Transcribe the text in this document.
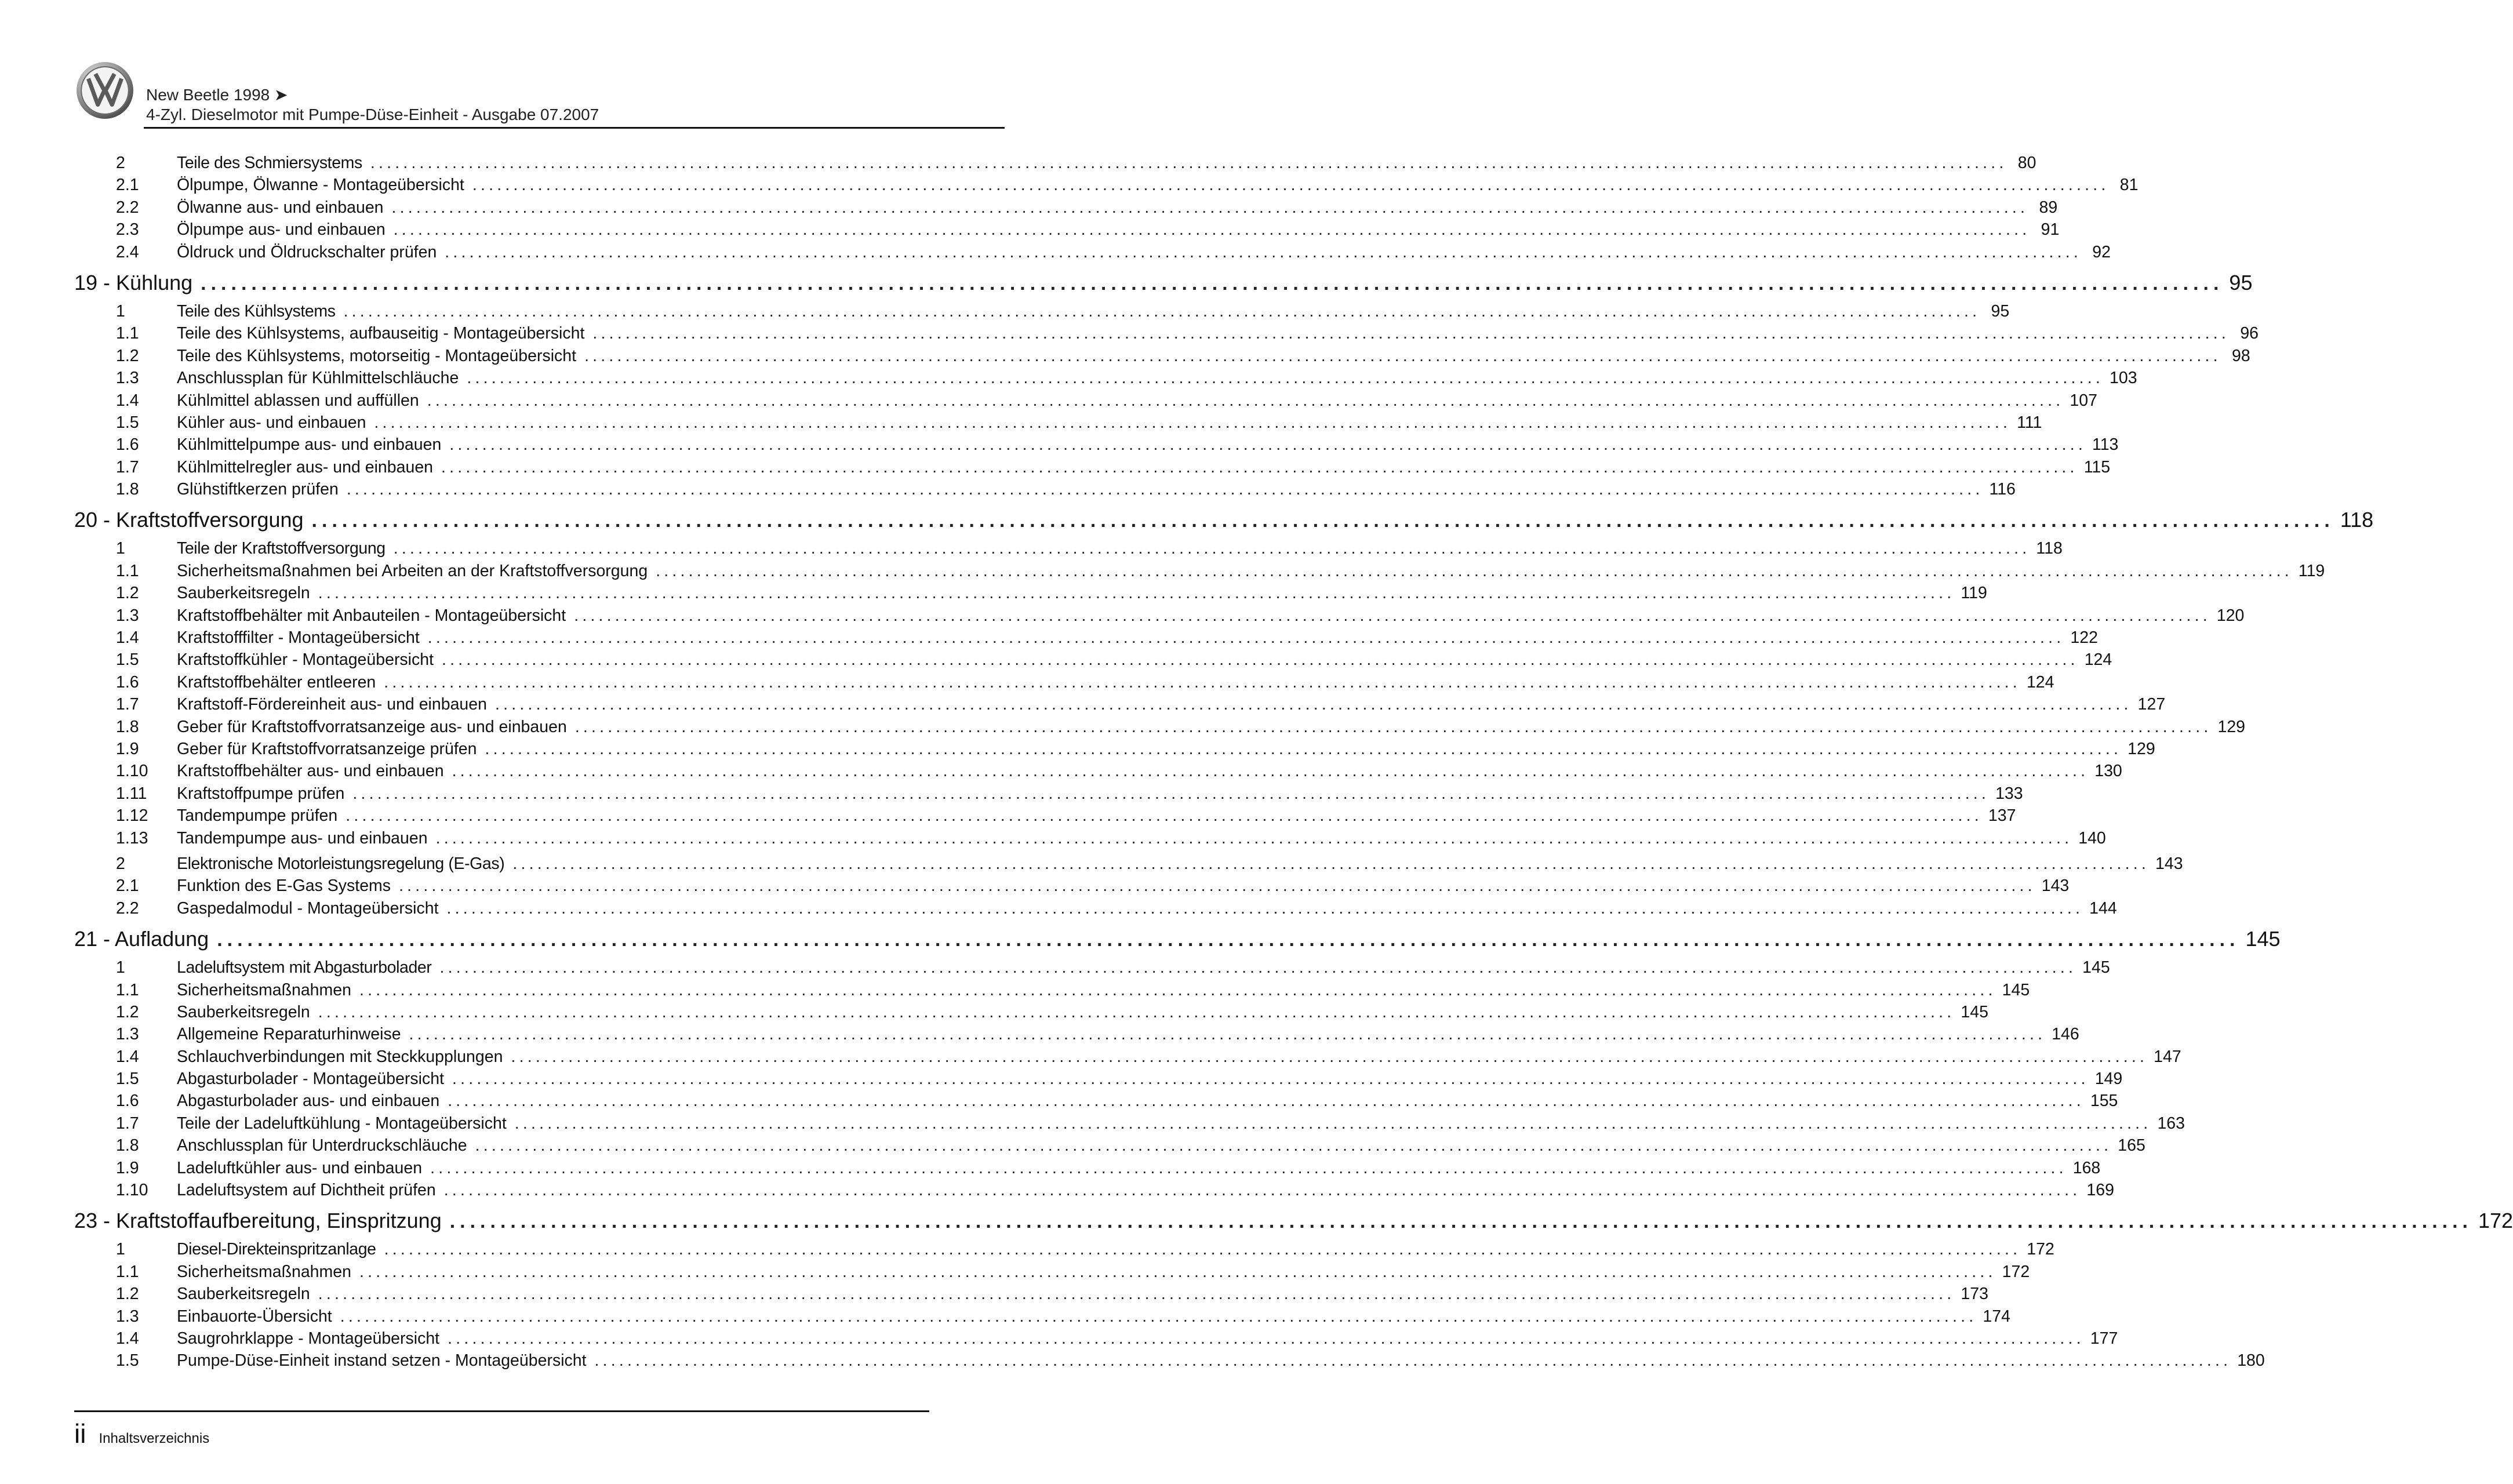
New Beetle 1998 ➤
4-Zyl. Dieselmotor mit Pumpe-Düse-Einheit - Ausgabe 07.2007
2	Teile des Schmiersystems ........................................................................................................................................................................................................ 80
2.1	Ölpumpe, Ölwanne - Montageübersicht ........................................................................................................................................................................................................ 81
2.2	Ölwanne aus- und einbauen ........................................................................................................................................................................................................ 89
2.3	Ölpumpe aus- und einbauen ........................................................................................................................................................................................................ 91
2.4	Öldruck und Öldruckschalter prüfen ........................................................................................................................................................................................................ 92
19 - Kühlung ........................................................................................................................................................................................................ 95
1	Teile des Kühlsystems ........................................................................................................................................................................................................ 95
1.1	Teile des Kühlsystems, aufbauseitig - Montageübersicht ........................................................................................................................................................................................................ 96
1.2	Teile des Kühlsystems, motorseitig - Montageübersicht ........................................................................................................................................................................................................ 98
1.3	Anschlussplan für Kühlmittelschläuche ........................................................................................................................................................................................................ 103
1.4	Kühlmittel ablassen und auffüllen ........................................................................................................................................................................................................ 107
1.5	Kühler aus- und einbauen ........................................................................................................................................................................................................ 111
1.6	Kühlmittelpumpe aus- und einbauen ........................................................................................................................................................................................................ 113
1.7	Kühlmittelregler aus- und einbauen ........................................................................................................................................................................................................ 115
1.8	Glühstiftkerzen prüfen ........................................................................................................................................................................................................ 116
20 - Kraftstoffversorgung ........................................................................................................................................................................................................ 118
1	Teile der Kraftstoffversorgung ........................................................................................................................................................................................................ 118
1.1	Sicherheitsmaßnahmen bei Arbeiten an der Kraftstoffversorgung ........................................................................................................................................................................................................ 119
1.2	Sauberkeitsregeln ........................................................................................................................................................................................................ 119
1.3	Kraftstoffbehälter mit Anbauteilen - Montageübersicht ........................................................................................................................................................................................................ 120
1.4	Kraftstofffilter - Montageübersicht ........................................................................................................................................................................................................ 122
1.5	Kraftstoffkühler - Montageübersicht ........................................................................................................................................................................................................ 124
1.6	Kraftstoffbehälter entleeren ........................................................................................................................................................................................................ 124
1.7	Kraftstoff-Fördereinheit aus- und einbauen ........................................................................................................................................................................................................ 127
1.8	Geber für Kraftstoffvorratsanzeige aus- und einbauen ........................................................................................................................................................................................................ 129
1.9	Geber für Kraftstoffvorratsanzeige prüfen ........................................................................................................................................................................................................ 129
1.10	Kraftstoffbehälter aus- und einbauen ........................................................................................................................................................................................................ 130
1.11	Kraftstoffpumpe prüfen ........................................................................................................................................................................................................ 133
1.12	Tandempumpe prüfen ........................................................................................................................................................................................................ 137
1.13	Tandempumpe aus- und einbauen ........................................................................................................................................................................................................ 140
2	Elektronische Motorleistungsregelung (E-Gas) ........................................................................................................................................................................................................ 143
2.1	Funktion des E-Gas Systems ........................................................................................................................................................................................................ 143
2.2	Gaspedalmodul - Montageübersicht ........................................................................................................................................................................................................ 144
21 - Aufladung ........................................................................................................................................................................................................ 145
1	Ladeluftsystem mit Abgasturbolader ........................................................................................................................................................................................................ 145
1.1	Sicherheitsmaßnahmen ........................................................................................................................................................................................................ 145
1.2	Sauberkeitsregeln ........................................................................................................................................................................................................ 145
1.3	Allgemeine Reparaturhinweise ........................................................................................................................................................................................................ 146
1.4	Schlauchverbindungen mit Steckkupplungen ........................................................................................................................................................................................................ 147
1.5	Abgasturbolader - Montageübersicht ........................................................................................................................................................................................................ 149
1.6	Abgasturbolader aus- und einbauen ........................................................................................................................................................................................................ 155
1.7	Teile der Ladeluftkühlung - Montageübersicht ........................................................................................................................................................................................................ 163
1.8	Anschlussplan für Unterdruckschläuche ........................................................................................................................................................................................................ 165
1.9	Ladeluftkühler aus- und einbauen ........................................................................................................................................................................................................ 168
1.10	Ladeluftsystem auf Dichtheit prüfen ........................................................................................................................................................................................................ 169
23 - Kraftstoffaufbereitung, Einspritzung ........................................................................................................................................................................................................ 172
1	Diesel-Direkteinspritzanlage ........................................................................................................................................................................................................ 172
1.1	Sicherheitsmaßnahmen ........................................................................................................................................................................................................ 172
1.2	Sauberkeitsregeln ........................................................................................................................................................................................................ 173
1.3	Einbauorte-Übersicht ........................................................................................................................................................................................................ 174
1.4	Saugrohrklappe - Montageübersicht ........................................................................................................................................................................................................ 177
1.5	Pumpe-Düse-Einheit instand setzen - Montageübersicht ........................................................................................................................................................................................................ 180
ii Inhaltsverzeichnis
